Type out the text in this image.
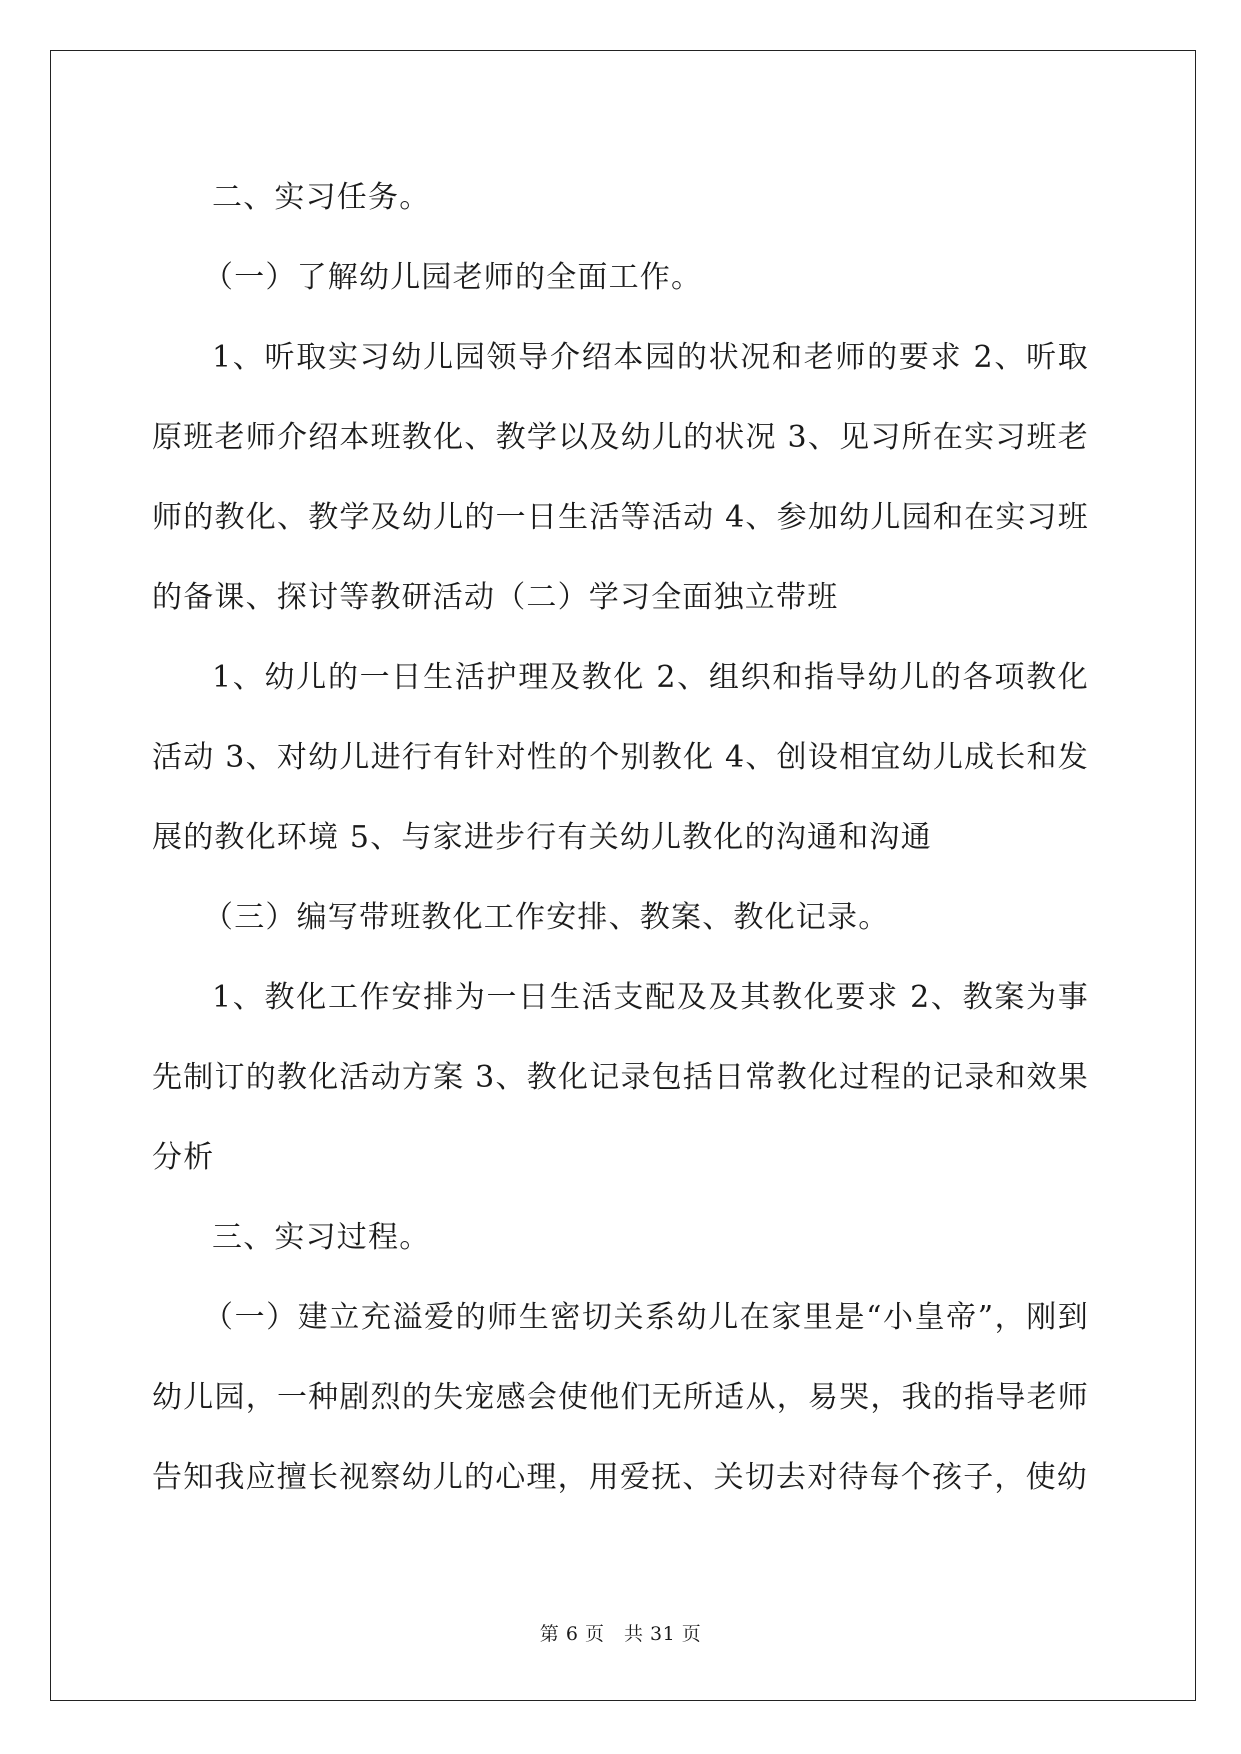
二、实习任务。

（一）了解幼儿园老师的全面工作。

1、听取实习幼儿园领导介绍本园的状况和老师的要求 2、听取原班老师介绍本班教化、教学以及幼儿的状况 3、见习所在实习班老师的教化、教学及幼儿的一日生活等活动 4、参加幼儿园和在实习班的备课、探讨等教研活动（二）学习全面独立带班

1、幼儿的一日生活护理及教化 2、组织和指导幼儿的各项教化活动 3、对幼儿进行有针对性的个别教化 4、创设相宜幼儿成长和发展的教化环境 5、与家进步行有关幼儿教化的沟通和沟通

（三）编写带班教化工作安排、教案、教化记录。

1、教化工作安排为一日生活支配及及其教化要求 2、教案为事先制订的教化活动方案 3、教化记录包括日常教化过程的记录和效果分析

三、实习过程。

（一）建立充溢爱的师生密切关系幼儿在家里是“小皇帝”，刚到幼儿园，一种剧烈的失宠感会使他们无所适从，易哭，我的指导老师告知我应擅长视察幼儿的心理，用爱抚、关切去对待每个孩子，使幼

第 6 页　共 31 页
